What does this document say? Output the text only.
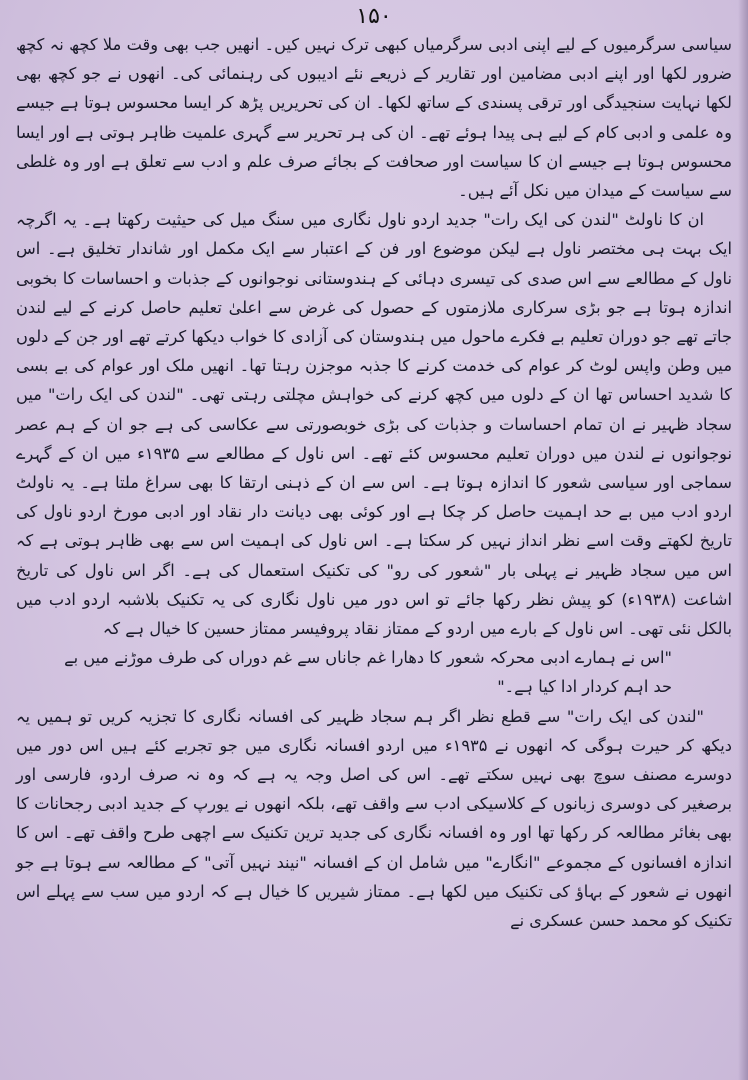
۱۵۰

سیاسی سرگرمیوں کے لیے اپنی ادبی سرگرمیاں کبھی ترک نہیں کیں۔ انھیں جب بھی وقت ملا کچھ نہ کچھ ضرور لکھا اور اپنے ادبی مضامین اور تقاریر کے ذریعے نئے ادیبوں کی رہنمائی کی۔ انھوں نے جو کچھ بھی لکھا نہایت سنجیدگی اور ترقی پسندی کے ساتھ لکھا۔ ان کی تحریریں پڑھ کر ایسا محسوس ہوتا ہے جیسے وہ علمی و ادبی کام کے لیے ہی پیدا ہوئے تھے۔ ان کی ہر تحریر سے گہری علمیت ظاہر ہوتی ہے اور ایسا محسوس ہوتا ہے جیسے ان کا سیاست اور صحافت کے بجائے صرف علم و ادب سے تعلق ہے اور وہ غلطی سے سیاست کے میدان میں نکل آئے ہیں۔

ان کا ناولٹ "لندن کی ایک رات" جدید اردو ناول نگاری میں سنگ میل کی حیثیت رکھتا ہے۔ یہ اگرچہ ایک بہت ہی مختصر ناول ہے لیکن موضوع اور فن کے اعتبار سے ایک مکمل اور شاندار تخلیق ہے۔ اس ناول کے مطالعے سے اس صدی کی تیسری دہائی کے ہندوستانی نوجوانوں کے جذبات و احساسات کا بخوبی اندازہ ہوتا ہے جو بڑی سرکاری ملازمتوں کے حصول کی غرض سے اعلیٰ تعلیم حاصل کرنے کے لیے لندن جاتے تھے جو دوران تعلیم بے فکرے ماحول میں ہندوستان کی آزادی کا خواب دیکھا کرتے تھے اور جن کے دلوں میں وطن واپس لوٹ کر عوام کی خدمت کرنے کا جذبہ موجزن رہتا تھا۔ انھیں ملک اور عوام کی بے بسی کا شدید احساس تھا ان کے دلوں میں کچھ کرنے کی خواہش مچلتی رہتی تھی۔ "لندن کی ایک رات" میں سجاد ظہیر نے ان تمام احساسات و جذبات کی بڑی خوبصورتی سے عکاسی کی ہے جو ان کے ہم عصر نوجوانوں نے لندن میں دوران تعلیم محسوس کئے تھے۔ اس ناول کے مطالعے سے ۱۹۳۵ء میں ان کے گہرے سماجی اور سیاسی شعور کا اندازہ ہوتا ہے۔ اس سے ان کے ذہنی ارتقا کا بھی سراغ ملتا ہے۔ یہ ناولٹ اردو ادب میں بے حد اہمیت حاصل کر چکا ہے اور کوئی بھی دیانت دار نقاد اور ادبی مورخ اردو ناول کی تاریخ لکھتے وقت اسے نظر انداز نہیں کر سکتا ہے۔ اس ناول کی اہمیت اس سے بھی ظاہر ہوتی ہے کہ اس میں سجاد ظہیر نے پہلی بار "شعور کی رو" کی تکنیک استعمال کی ہے۔ اگر اس ناول کی تاریخ اشاعت (۱۹۳۸ء) کو پیش نظر رکھا جائے تو اس دور میں ناول نگاری کی یہ تکنیک بلاشبہ اردو ادب میں بالکل نئی تھی۔ اس ناول کے بارے میں اردو کے ممتاز نقاد پروفیسر ممتاز حسین کا خیال ہے کہ

"اس نے ہمارے ادبی محرکہ شعور کا دھارا غم جاناں سے غم دوراں کی طرف موڑنے میں بے حد اہم کردار ادا کیا ہے۔"

"لندن کی ایک رات" سے قطع نظر اگر ہم سجاد ظہیر کی افسانہ نگاری کا تجزیہ کریں تو ہمیں یہ دیکھ کر حیرت ہوگی کہ انھوں نے ۱۹۳۵ء میں اردو افسانہ نگاری میں جو تجربے کئے ہیں اس دور میں دوسرے مصنف سوچ بھی نہیں سکتے تھے۔ اس کی اصل وجہ یہ ہے کہ وہ نہ صرف اردو، فارسی اور برصغیر کی دوسری زبانوں کے کلاسیکی ادب سے واقف تھے، بلکہ انھوں نے یورپ کے جدید ادبی رجحانات کا بھی بغائر مطالعہ کر رکھا تھا اور وہ افسانہ نگاری کی جدید ترین تکنیک سے اچھی طرح واقف تھے۔ اس کا اندازہ افسانوں کے مجموعے "انگارے" میں شامل ان کے افسانہ "نیند نہیں آتی" کے مطالعہ سے ہوتا ہے جو انھوں نے شعور کے بہاؤ کی تکنیک میں لکھا ہے۔ ممتاز شیریں کا خیال ہے کہ اردو میں سب سے پہلے اس تکنیک کو محمد حسن عسکری نے
